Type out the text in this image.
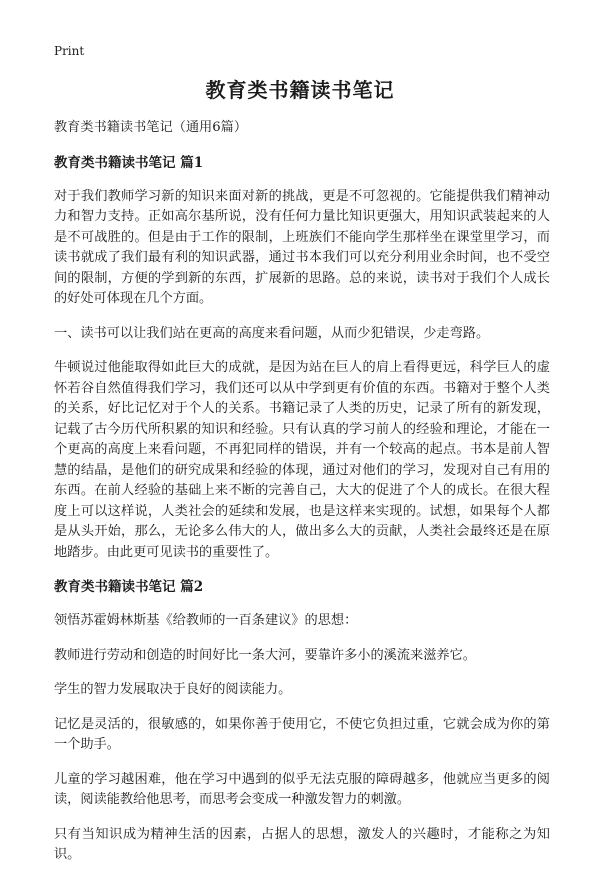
Print
教育类书籍读书笔记

教育类书籍读书笔记（通用6篇）

教育类书籍读书笔记 篇1

对于我们教师学习新的知识来面对新的挑战，更是不可忽视的。它能提供我们精神动力和智力支持。正如高尔基所说，没有任何力量比知识更强大，用知识武装起来的人是不可战胜的。但是由于工作的限制，上班族们不能向学生那样坐在课堂里学习，而读书就成了我们最有利的知识武器，通过书本我们可以充分利用业余时间，也不受空间的限制，方便的学到新的东西，扩展新的思路。总的来说，读书对于我们个人成长的好处可体现在几个方面。

一、读书可以让我们站在更高的高度来看问题，从而少犯错误，少走弯路。

牛顿说过他能取得如此巨大的成就，是因为站在巨人的肩上看得更远，科学巨人的虚怀若谷自然值得我们学习，我们还可以从中学到更有价值的东西。书籍对于整个人类的关系，好比记忆对于个人的关系。书籍记录了人类的历史，记录了所有的新发现，记载了古今历代所积累的知识和经验。只有认真的学习前人的经验和理论，才能在一个更高的高度上来看问题，不再犯同样的错误，并有一个较高的起点。书本是前人智慧的结晶，是他们的研究成果和经验的体现，通过对他们的学习，发现对自己有用的东西。在前人经验的基础上来不断的完善自己，大大的促进了个人的成长。在很大程度上可以这样说，人类社会的延续和发展，也是这样来实现的。试想，如果每个人都是从头开始，那么，无论多么伟大的人，做出多么大的贡献，人类社会最终还是在原地踏步。由此更可见读书的重要性了。

教育类书籍读书笔记 篇2

领悟苏霍姆林斯基《给教师的一百条建议》的思想：

教师进行劳动和创造的时间好比一条大河，要靠许多小的溪流来滋养它。

学生的智力发展取决于良好的阅读能力。

记忆是灵活的，很敏感的，如果你善于使用它，不使它负担过重，它就会成为你的第一个助手。

儿童的学习越困难，他在学习中遇到的似乎无法克服的障碍越多，他就应当更多的阅读，阅读能教给他思考，而思考会变成一种激发智力的刺激。

只有当知识成为精神生活的因素，占据人的思想，激发人的兴趣时，才能称之为知识。
